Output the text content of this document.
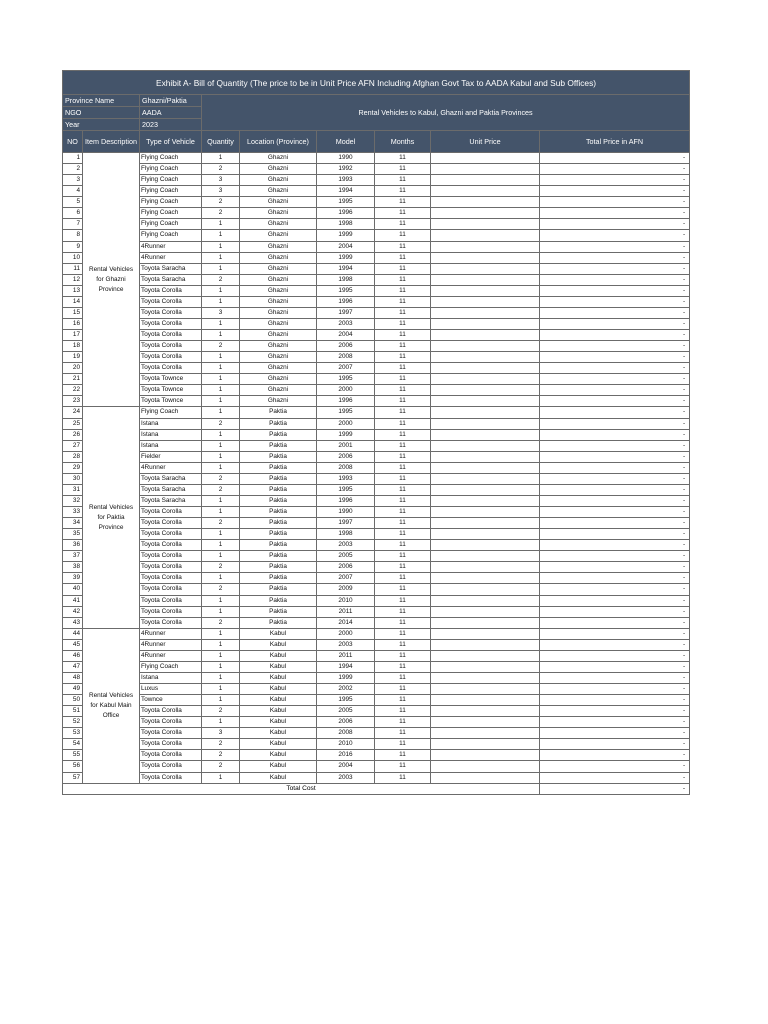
Exhibit A- Bill of Quantity (The price to be in Unit Price AFN Including Afghan Govt Tax to AADA Kabul and Sub Offices)								
Province Name		Ghazni/Paktia	Rental Vehicles to Kabul, Ghazni and Paktia Provinces					
NGO		AADA						
Year		2023						
NO	Item Description	Type of Vehicle	Quantity	Location (Province)	Model	Months	Unit Price	Total Price in AFN
1	Rental Vehicles for Ghazni Province	Flying Coach	1	Ghazni	1990	11		-
2		Flying Coach	2	Ghazni	1992	11		-
3		Flying Coach	3	Ghazni	1993	11		-
4		Flying Coach	3	Ghazni	1994	11		-
5		Flying Coach	2	Ghazni	1995	11		-
6		Flying Coach	2	Ghazni	1996	11		-
7		Flying Coach	1	Ghazni	1998	11		-
8		Flying Coach	1	Ghazni	1999	11		-
9		4Runner	1	Ghazni	2004	11		-
10		4Runner	1	Ghazni	1999	11		-
11		Toyota Saracha	1	Ghazni	1994	11		-
12		Toyota Saracha	2	Ghazni	1998	11		-
13		Toyota Corolla	1	Ghazni	1995	11		-
14		Toyota Corolla	1	Ghazni	1996	11		-
15		Toyota Corolla	3	Ghazni	1997	11		-
16		Toyota Corolla	1	Ghazni	2003	11		-
17		Toyota Corolla	1	Ghazni	2004	11		-
18		Toyota Corolla	2	Ghazni	2006	11		-
19		Toyota Corolla	1	Ghazni	2008	11		-
20		Toyota Corolla	1	Ghazni	2007	11		-
21		Toyota Townce	1	Ghazni	1995	11		-
22		Toyota Townce	1	Ghazni	2000	11		-
23		Toyota Townce	1	Ghazni	1996	11		-
24	Rental Vehicles for Paktia Province	Flying Coach	1	Paktia	1995	11		-
25		Istana	2	Paktia	2000	11		-
26		Istana	1	Paktia	1999	11		-
27		Istana	1	Paktia	2001	11		-
28		Fielder	1	Paktia	2006	11		-
29		4Runner	1	Paktia	2008	11		-
30		Toyota Saracha	2	Paktia	1993	11		-
31		Toyota Saracha	2	Paktia	1995	11		-
32		Toyota Saracha	1	Paktia	1996	11		-
33		Toyota Corolla	1	Paktia	1990	11		-
34		Toyota Corolla	2	Paktia	1997	11		-
35		Toyota Corolla	1	Paktia	1998	11		-
36		Toyota Corolla	1	Paktia	2003	11		-
37		Toyota Corolla	1	Paktia	2005	11		-
38		Toyota Corolla	2	Paktia	2006	11		-
39		Toyota Corolla	1	Paktia	2007	11		-
40		Toyota Corolla	2	Paktia	2009	11		-
41		Toyota Corolla	1	Paktia	2010	11		-
42		Toyota Corolla	1	Paktia	2011	11		-
43		Toyota Corolla	2	Paktia	2014	11		-
44	Rental Vehicles for Kabul Main Office	4Runner	1	Kabul	2000	11		-
45		4Runner	1	Kabul	2003	11		-
46		4Runner	1	Kabul	2011	11		-
47		Flying Coach	1	Kabul	1994	11		-
48		Istana	1	Kabul	1999	11		-
49		Luxus	1	Kabul	2002	11		-
50		Townce	1	Kabul	1995	11		-
51		Toyota Corolla	2	Kabul	2005	11		-
52		Toyota Corolla	1	Kabul	2006	11		-
53		Toyota Corolla	3	Kabul	2008	11		-
54		Toyota Corolla	2	Kabul	2010	11		-
55		Toyota Corolla	2	Kabul	2016	11		-
56		Toyota Corolla	2	Kabul	2004	11		-
57		Toyota Corolla	1	Kabul	2003	11		-
Total Cost								-
